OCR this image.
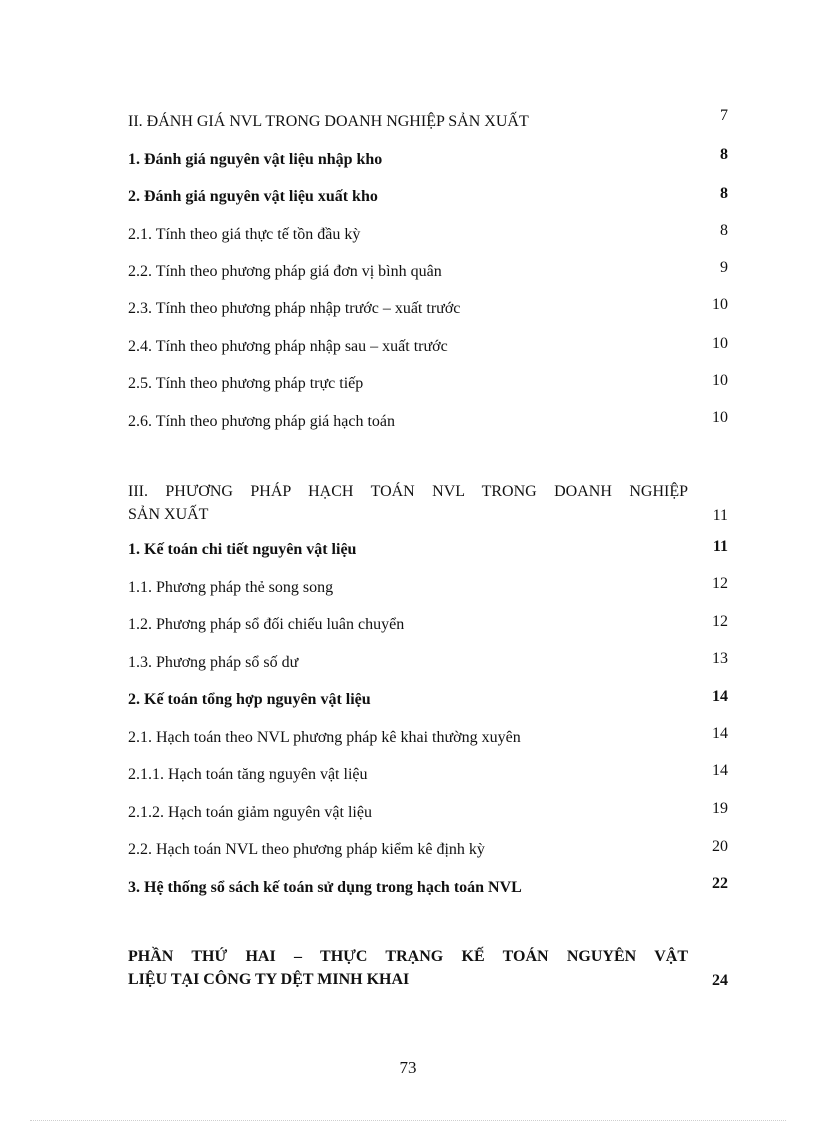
7
II. ĐÁNH GIÁ NVL TRONG DOANH NGHIỆP SẢN XUẤT
8
1. Đánh giá nguyên vật liệu nhập kho
8
2. Đánh giá nguyên vật liệu xuất kho
8
2.1. Tính theo giá thực tế tồn đầu kỳ
9
2.2. Tính theo phương pháp giá đơn vị bình quân
10
2.3. Tính theo phương pháp nhập trước – xuất trước
10
2.4. Tính theo phương pháp nhập sau – xuất trước
10
2.5. Tính theo phương pháp trực tiếp
10
2.6. Tính theo phương pháp giá hạch toán
III. PHƯƠNG PHÁP HẠCH TOÁN NVL TRONG DOANH NGHIỆP
SẢN XUẤT	11
11
1. Kế toán chi tiết nguyên vật liệu
12
1.1. Phương pháp thẻ song song
12
1.2. Phương pháp sổ đối chiếu luân chuyển
13
1.3. Phương pháp sổ số dư
14
2. Kế toán tổng hợp nguyên vật liệu
14
2.1. Hạch toán theo NVL phương pháp kê khai thường xuyên
14
2.1.1. Hạch toán tăng nguyên vật liệu
19
2.1.2. Hạch toán giảm nguyên vật liệu
20
2.2. Hạch toán NVL theo phương pháp kiểm kê định kỳ
22
3. Hệ thống sổ sách kế toán sử dụng trong hạch toán NVL
PHẦN THỨ HAI – THỰC TRẠNG KẾ TOÁN NGUYÊN VẬT
LIỆU TẠI CÔNG TY DỆT MINH KHAI	24
73
